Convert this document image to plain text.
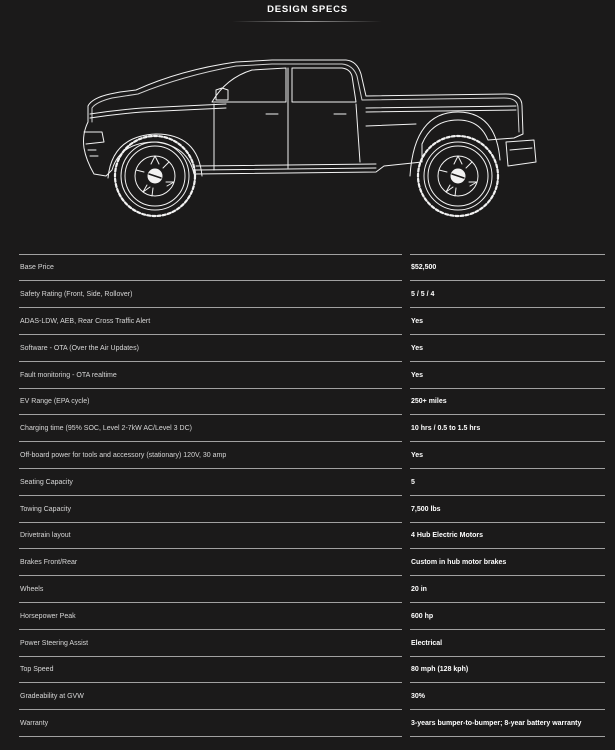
DESIGN SPECS
Base Price	$52,500
Safety Rating (Front, Side, Rollover)	5 / 5 / 4
ADAS-LDW, AEB, Rear Cross Traffic Alert	Yes
Software - OTA (Over the Air Updates)	Yes
Fault monitoring - OTA realtime	Yes
EV Range (EPA cycle)	250+ miles
Charging time (95% SOC, Level 2-7kW AC/Level 3 DC)	10 hrs / 0.5 to 1.5 hrs
Off-board power for tools and accessory (stationary) 120V, 30 amp	Yes
Seating Capacity	5
Towing Capacity	7,500 lbs
Drivetrain layout	4 Hub Electric Motors
Brakes Front/Rear	Custom in hub motor brakes
Wheels	20 in
Horsepower Peak	600 hp
Power Steering Assist	Electrical
Top Speed	80 mph (128 kph)
Gradeability at GVW	30%
Warranty	3-years bumper-to-bumper; 8-year battery warranty
